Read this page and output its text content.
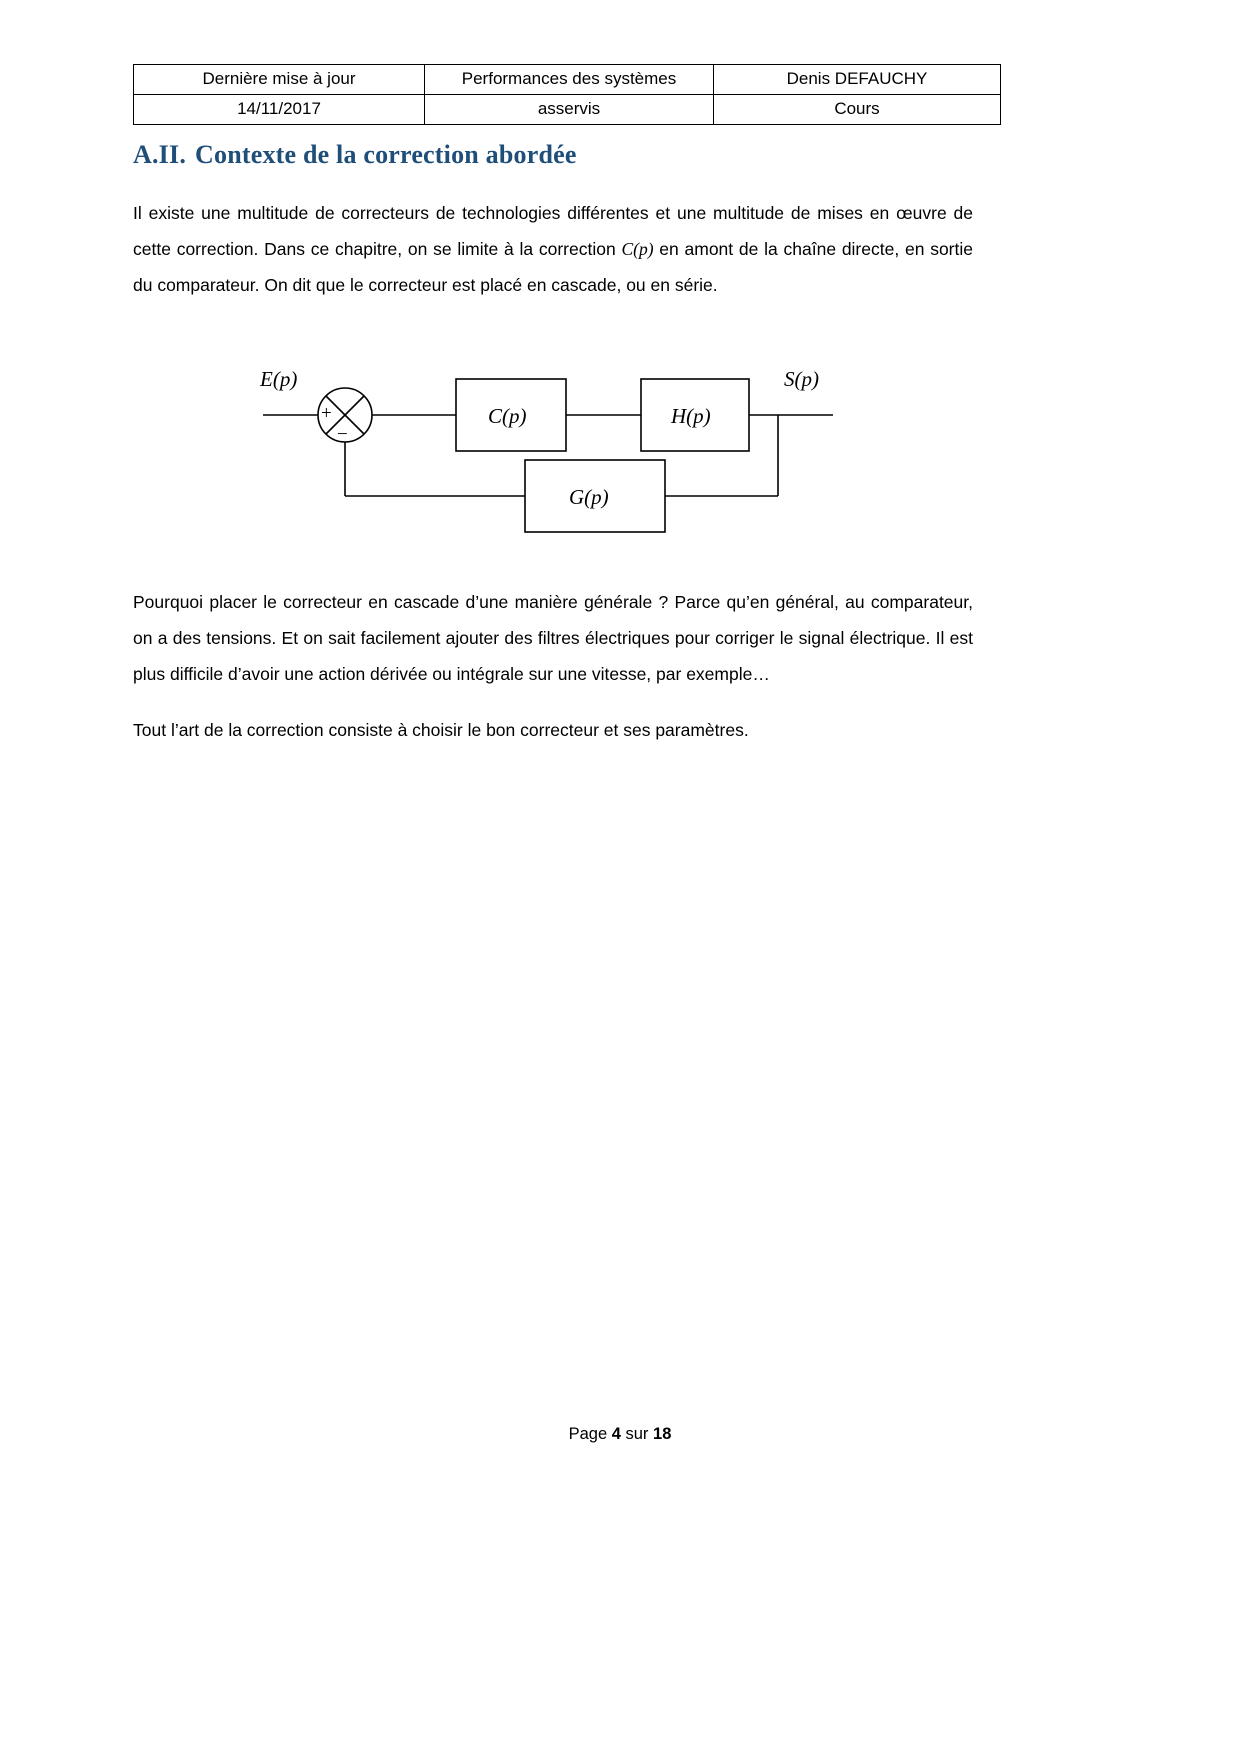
Dernière mise à jour	Performances des systèmes	Denis DEFAUCHY
14/11/2017	asservis	Cours
A.II. Contexte de la correction abordée
Il existe une multitude de correcteurs de technologies différentes et une multitude de mises en œuvre de cette correction. Dans ce chapitre, on se limite à la correction C(p) en amont de la chaîne directe, en sortie du comparateur. On dit que le correcteur est placé en cascade, ou en série.
E(p)	S(p)
+
−
C(p)	H(p)
G(p)
Pourquoi placer le correcteur en cascade d’une manière générale ? Parce qu’en général, au comparateur, on a des tensions. Et on sait facilement ajouter des filtres électriques pour corriger le signal électrique. Il est plus difficile d’avoir une action dérivée ou intégrale sur une vitesse, par exemple…
Tout l’art de la correction consiste à choisir le bon correcteur et ses paramètres.
Page 4 sur 18
